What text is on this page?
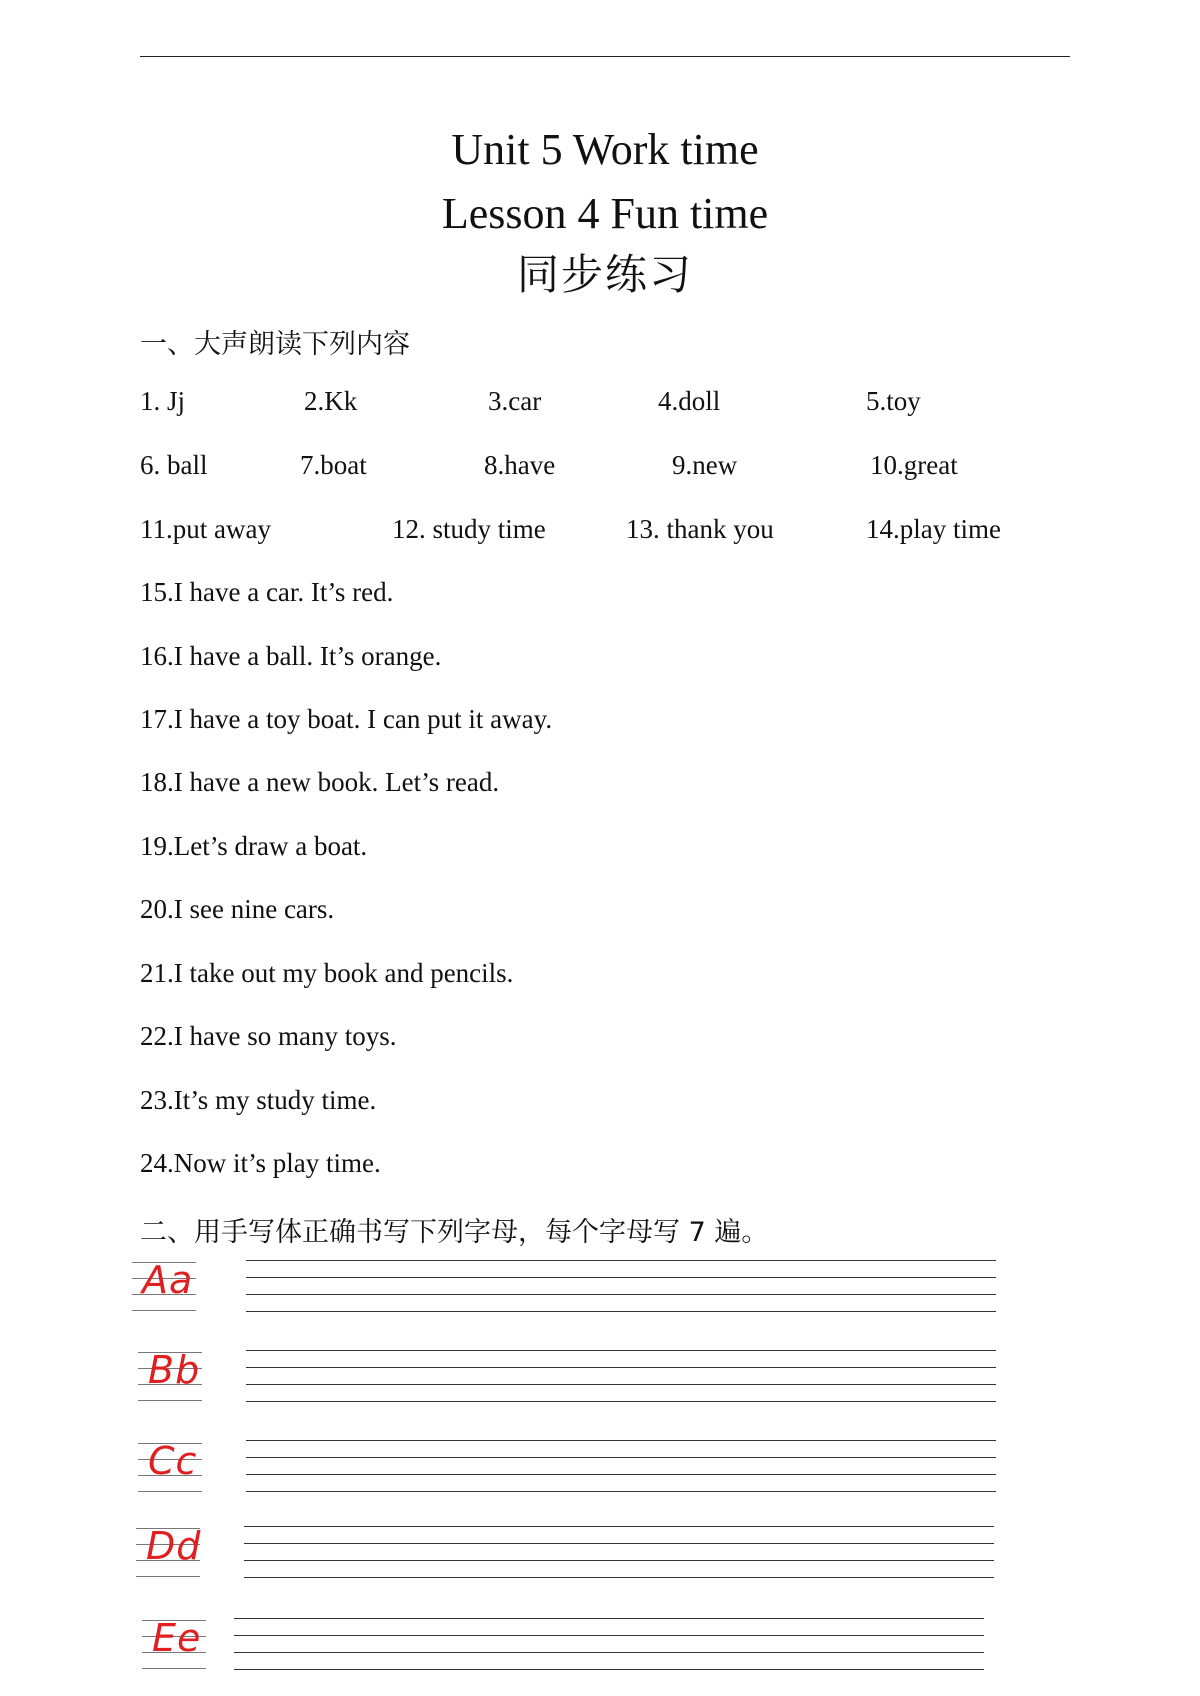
Unit 5 Work time
Lesson 4 Fun time
同步练习
一、大声朗读下列内容
1. Jj	2.Kk	3.car	4.doll	5.toy
6. ball	7.boat	8.have	9.new	10.great
11.put away	12. study time	13. thank you	14.play time
15.I have a car. It’s red.
16.I have a ball. It’s orange.
17.I have a toy boat. I can put it away.
18.I have a new book. Let’s read.
19.Let’s draw a boat.
20.I see nine cars.
21.I take out my book and pencils.
22.I have so many toys.
23.It’s my study time.
24.Now it’s play time.
二、用手写体正确书写下列字母，每个字母写 7 遍。
Aa
Bb
Cc
Dd
Ee
